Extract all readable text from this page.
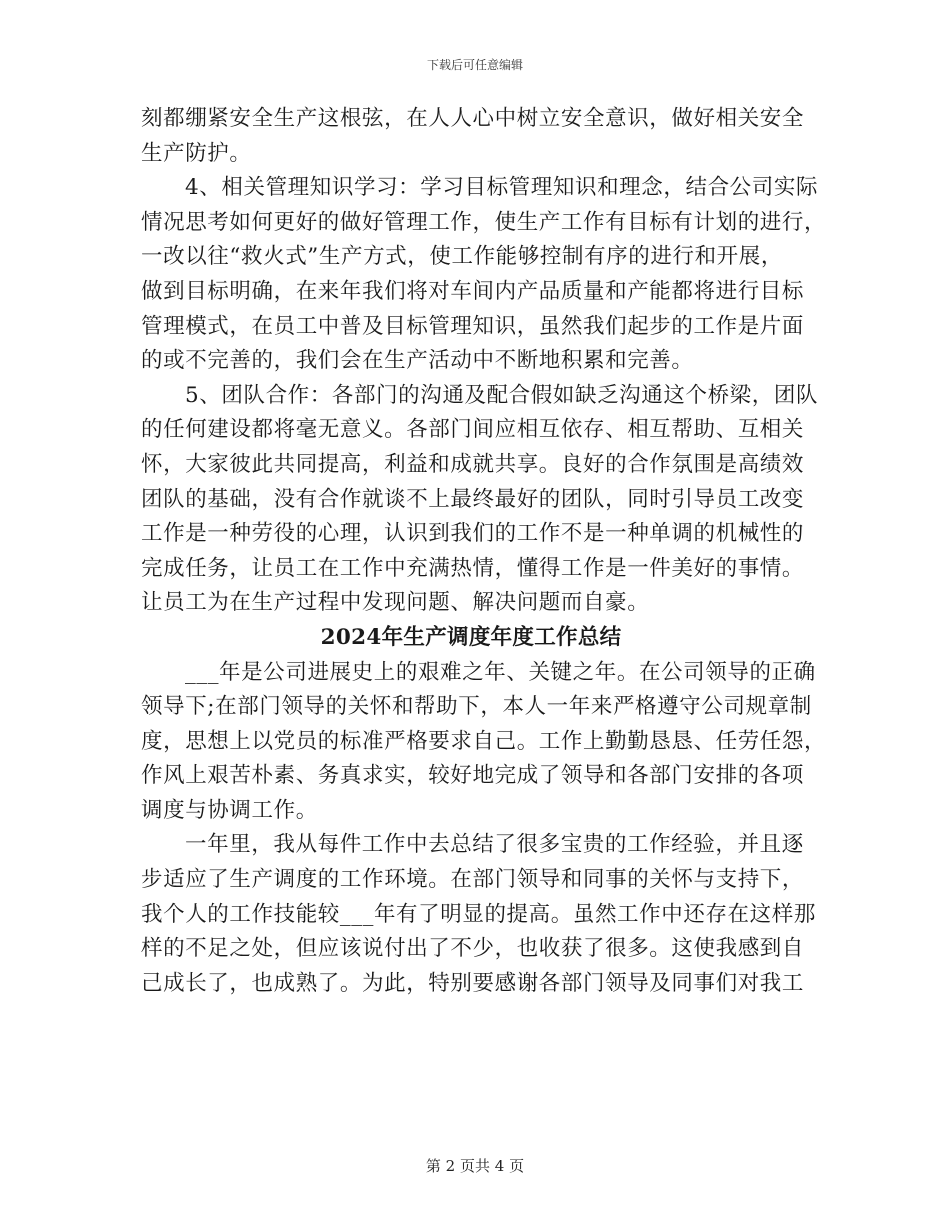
下载后可任意编辑
刻都绷紧安全生产这根弦，在人人心中树立安全意识，做好相关安全
生产防护。
4、相关管理知识学习：学习目标管理知识和理念，结合公司实际
情况思考如何更好的做好管理工作，使生产工作有目标有计划的进行，
一改以往“救火式”生产方式，使工作能够控制有序的进行和开展，
做到目标明确，在来年我们将对车间内产品质量和产能都将进行目标
管理模式，在员工中普及目标管理知识，虽然我们起步的工作是片面
的或不完善的，我们会在生产活动中不断地积累和完善。
5、团队合作：各部门的沟通及配合假如缺乏沟通这个桥梁，团队
的任何建设都将毫无意义。各部门间应相互依存、相互帮助、互相关
怀，大家彼此共同提高，利益和成就共享。良好的合作氛围是高绩效
团队的基础，没有合作就谈不上最终最好的团队，同时引导员工改变
工作是一种劳役的心理，认识到我们的工作不是一种单调的机械性的
完成任务，让员工在工作中充满热情，懂得工作是一件美好的事情。
让员工为在生产过程中发现问题、解决问题而自豪。
2024年生产调度年度工作总结
___年是公司进展史上的艰难之年、关键之年。在公司领导的正确
领导下;在部门领导的关怀和帮助下，本人一年来严格遵守公司规章制
度，思想上以党员的标准严格要求自己。工作上勤勤恳恳、任劳任怨，
作风上艰苦朴素、务真求实，较好地完成了领导和各部门安排的各项
调度与协调工作。
一年里，我从每件工作中去总结了很多宝贵的工作经验，并且逐
步适应了生产调度的工作环境。在部门领导和同事的关怀与支持下，
我个人的工作技能较___年有了明显的提高。虽然工作中还存在这样那
样的不足之处，但应该说付出了不少，也收获了很多。这使我感到自
己成长了，也成熟了。为此，特别要感谢各部门领导及同事们对我工
第 2 页共 4 页
